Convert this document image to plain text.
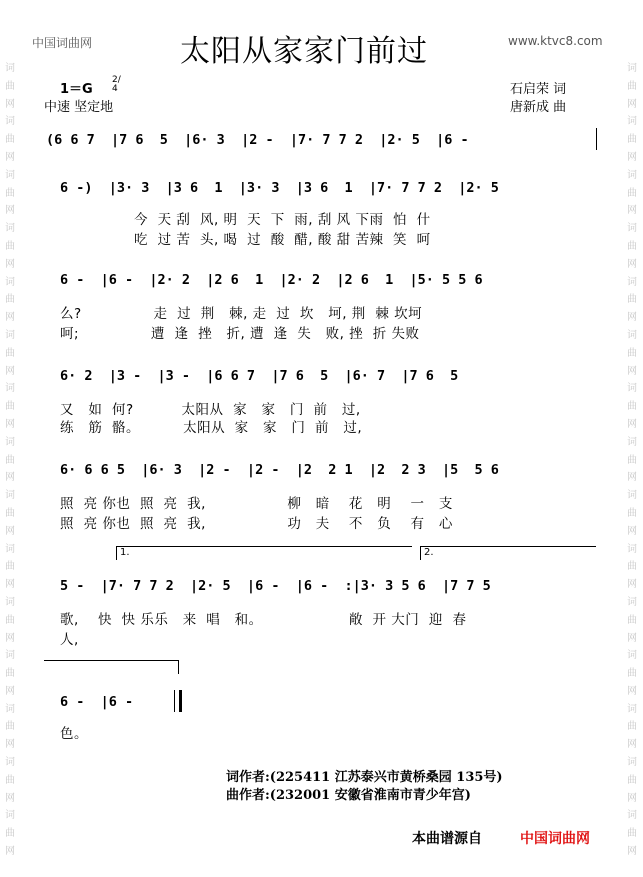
词曲网词曲网词曲网词曲网词曲网词曲网词曲网词曲网词曲网词曲网词曲网词曲网词曲网词曲网词曲网
词曲网词曲网词曲网词曲网词曲网词曲网词曲网词曲网词曲网词曲网词曲网词曲网词曲网词曲网词曲网
中国词曲网	www.ktvc8.com
太阳从家家门前过
1＝G
2/4
中速 坚定地
石启荣 词
唐新成 曲
(6 6 7  |7 6  5  |6· 3  |2 -  |7· 7 7 2  |2· 5  |6 -
6 -)  |3· 3  |3 6  1  |3· 3  |3 6  1  |7· 7 7 2  |2· 5
今  天 刮  风, 明  天  下  雨, 刮 风 下雨  怕  什
吃  过 苦  头, 喝  过  酸  醋, 酸 甜 苦辣  笑  呵
6 -  |6 -  |2· 2  |2 6  1  |2· 2  |2 6  1  |5· 5 5 6
么?               走  过  荆   棘, 走  过  坎   坷, 荆  棘 坎坷
呵;               遭  逢  挫   折, 遭  逢  失   败, 挫  折 失败
6· 2  |3 -  |3 -  |6 6 7  |7 6  5  |6· 7  |7 6  5
又   如  何?          太阳从  家   家   门  前   过,
练   筋  骼。         太阳从  家   家   门  前   过,
6· 6 6 5  |6· 3  |2 -  |2 -  |2  2 1  |2  2 3  |5  5 6
照  亮 你也  照  亮  我,                 柳   暗    花   明    一   支
照  亮 你也  照  亮  我,                 功   夫    不   负    有   心
1.	2.
5 -  |7· 7 7 2  |2· 5  |6 -  |6 -  :|3· 3 5 6  |7 7 5
歌,    快  快 乐乐   来  唱   和。                  敞  开 大门  迎  春
人,
6 -  |6 -
色。
词作者:(225411 江苏泰兴市黄桥桑园 135号)
曲作者:(232001 安徽省淮南市青少年宫)
本曲谱源自	中国词曲网
